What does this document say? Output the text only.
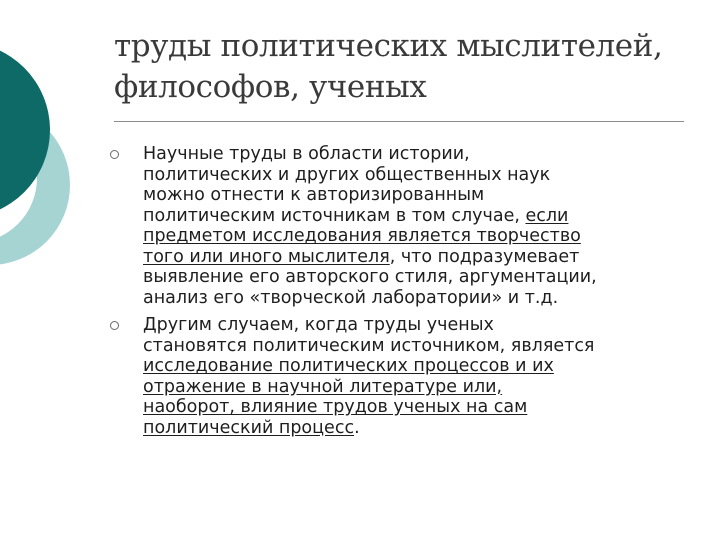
труды политических мыслителей,
философов, ученых
Научные труды в области истории,
политических и других общественных наук
можно отнести к авторизированным
политическим источникам в том случае, если
предметом исследования является творчество
того или иного мыслителя, что подразумевает
выявление его авторского стиля, аргументации,
анализ его «творческой лаборатории» и т.д.
Другим случаем, когда труды ученых
становятся политическим источником, является
исследование политических процессов и их
отражение в научной литературе или,
наоборот, влияние трудов ученых на сам
политический процесс.
